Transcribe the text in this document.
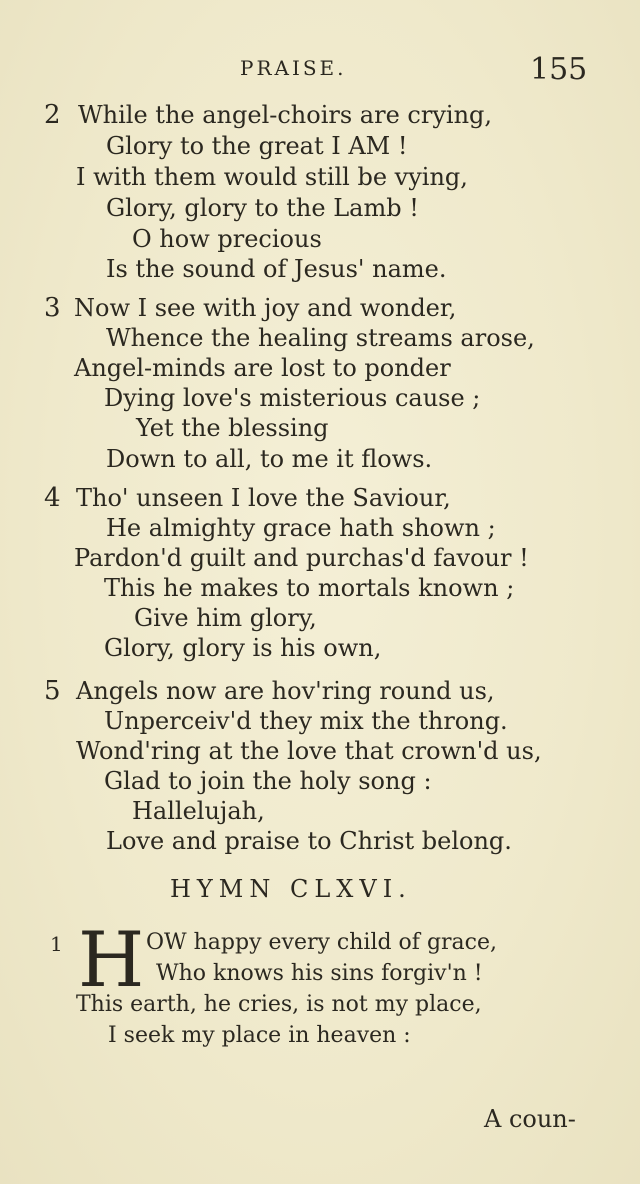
PRAISE.	155
2 While the angel-choirs are crying,
Glory to the great I AM !
I with them would still be vying,
Glory, glory to the Lamb !
O how precious
Is the sound of Jesus' name.
3 Now I see with joy and wonder,
Whence the healing streams arose,
Angel-minds are lost to ponder
Dying love's misterious cause ;
Yet the blessing
Down to all, to me it flows.
4 Tho' unseen I love the Saviour,
He almighty grace hath shown ;
Pardon'd guilt and purchas'd favour !
This he makes to mortals known ;
Give him glory,
Glory, glory is his own,
5 Angels now are hov'ring round us,
Unperceiv'd they mix the throng.
Wond'ring at the love that crown'd us,
Glad to join the holy song :
Hallelujah,
Love and praise to Christ belong.
HYMN CLXVI.
1 H OW happy every child of grace,
Who knows his sins forgiv'n !
This earth, he cries, is not my place,
I seek my place in heaven :
A coun-
